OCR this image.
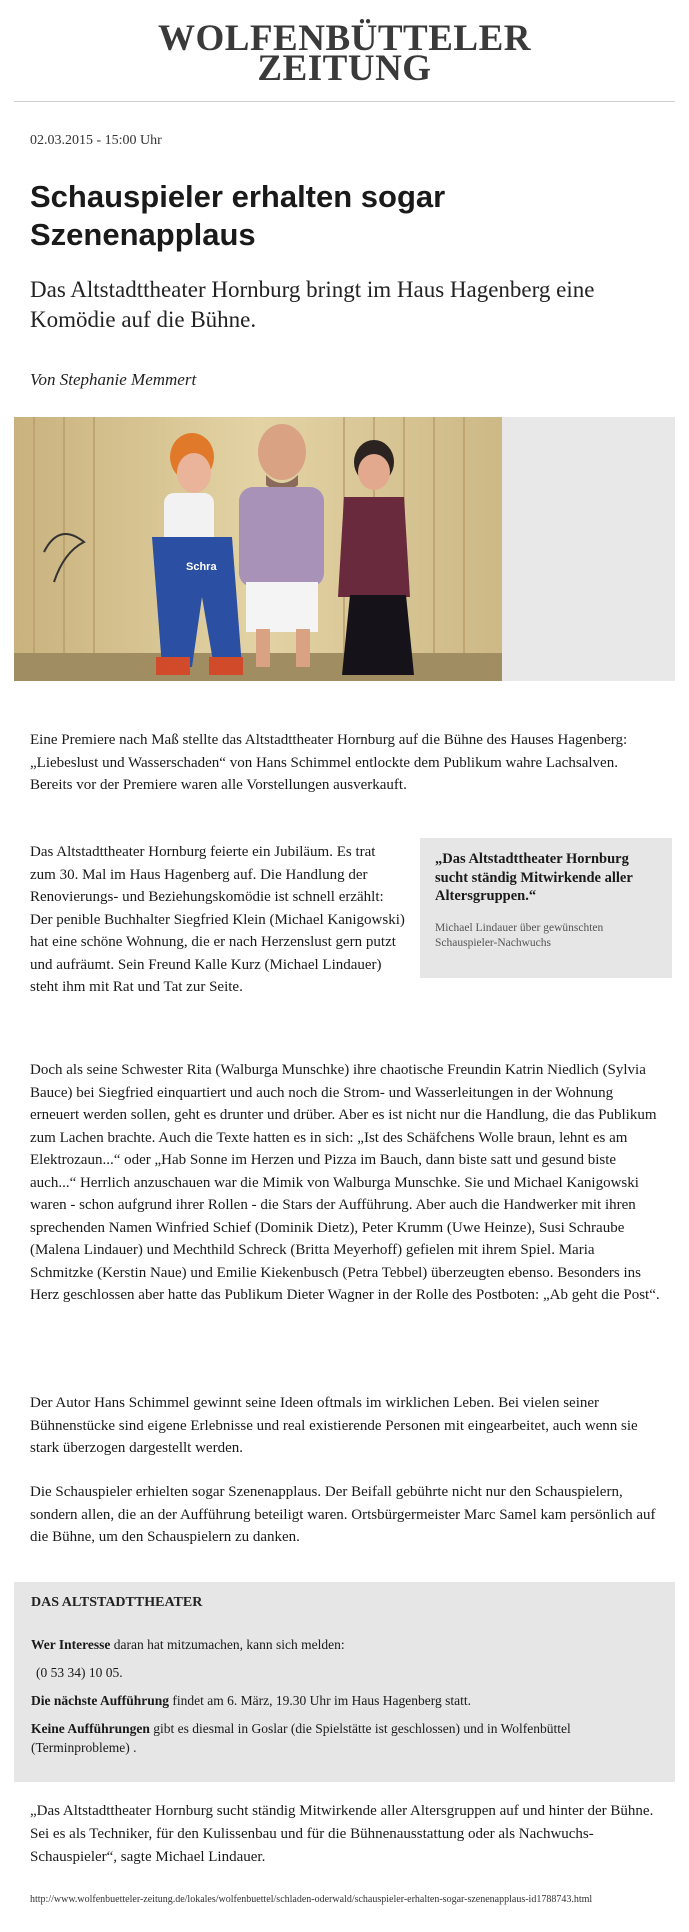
WOLFENBÜTTELER
ZEITUNG
02.03.2015 - 15:00 Uhr
Schauspieler erhalten sogar Szenenapplaus
Das Altstadttheater Hornburg bringt im Haus Hagenberg eine Komödie auf die Bühne.
Von Stephanie Memmert
Schra
Eine Premiere nach Maß stellte das Altstadttheater Hornburg auf die Bühne des Hauses Hagenberg: „Liebeslust und Wasserschaden“ von Hans Schimmel entlockte dem Publikum wahre Lachsalven. Bereits vor der Premiere waren alle Vorstellungen ausverkauft.
Das Altstadttheater Hornburg feierte ein Jubiläum. Es trat zum 30. Mal im Haus Hagenberg auf. Die Handlung der Renovierungs- und Beziehungskomödie ist schnell erzählt: Der penible Buchhalter Siegfried Klein (Michael Kanigowski) hat eine schöne Wohnung, die er nach Herzenslust gern putzt und aufräumt. Sein Freund Kalle Kurz (Michael Lindauer) steht ihm mit Rat und Tat zur Seite.
„Das Altstadttheater Hornburg sucht ständig Mitwirkende aller Altersgruppen.“
Michael Lindauer über gewünschten Schauspieler-Nachwuchs
Doch als seine Schwester Rita (Walburga Munschke) ihre chaotische Freundin Katrin Niedlich (Sylvia Bauce) bei Siegfried einquartiert und auch noch die Strom- und Wasserleitungen in der Wohnung erneuert werden sollen, geht es drunter und drüber. Aber es ist nicht nur die Handlung, die das Publikum zum Lachen brachte. Auch die Texte hatten es in sich: „Ist des Schäfchens Wolle braun, lehnt es am Elektrozaun...“ oder „Hab Sonne im Herzen und Pizza im Bauch, dann biste satt und gesund biste auch...“ Herrlich anzuschauen war die Mimik von Walburga Munschke. Sie und Michael Kanigowski waren - schon aufgrund ihrer Rollen - die Stars der Aufführung. Aber auch die Handwerker mit ihren sprechenden Namen Winfried Schief (Dominik Dietz), Peter Krumm (Uwe Heinze), Susi Schraube (Malena Lindauer) und Mechthild Schreck (Britta Meyerhoff) gefielen mit ihrem Spiel. Maria Schmitzke (Kerstin Naue) und Emilie Kiekenbusch (Petra Tebbel) überzeugten ebenso. Besonders ins Herz geschlossen aber hatte das Publikum Dieter Wagner in der Rolle des Postboten: „Ab geht die Post“.
Der Autor Hans Schimmel gewinnt seine Ideen oftmals im wirklichen Leben. Bei vielen seiner Bühnenstücke sind eigene Erlebnisse und real existierende Personen mit eingearbeitet, auch wenn sie stark überzogen dargestellt werden.
Die Schauspieler erhielten sogar Szenenapplaus. Der Beifall gebührte nicht nur den Schauspielern, sondern allen, die an der Aufführung beteiligt waren. Ortsbürgermeister Marc Samel kam persönlich auf die Bühne, um den Schauspielern zu danken.
DAS ALTSTADTTHEATER
Wer Interesse daran hat mitzumachen, kann sich melden:
(0 53 34) 10 05.
Die nächste Aufführung findet am 6. März, 19.30 Uhr im Haus Hagenberg statt.
Keine Aufführungen gibt es diesmal in Goslar (die Spielstätte ist geschlossen) und in Wolfenbüttel (Terminprobleme) .
„Das Altstadttheater Hornburg sucht ständig Mitwirkende aller Altersgruppen auf und hinter der Bühne. Sei es als Techniker, für den Kulissenbau und für die Bühnenausstattung oder als Nachwuchs-Schauspieler“, sagte Michael Lindauer.
http://www.wolfenbuetteler-zeitung.de/lokales/wolfenbuettel/schladen-oderwald/schauspieler-erhalten-sogar-szenenapplaus-id1788743.html
